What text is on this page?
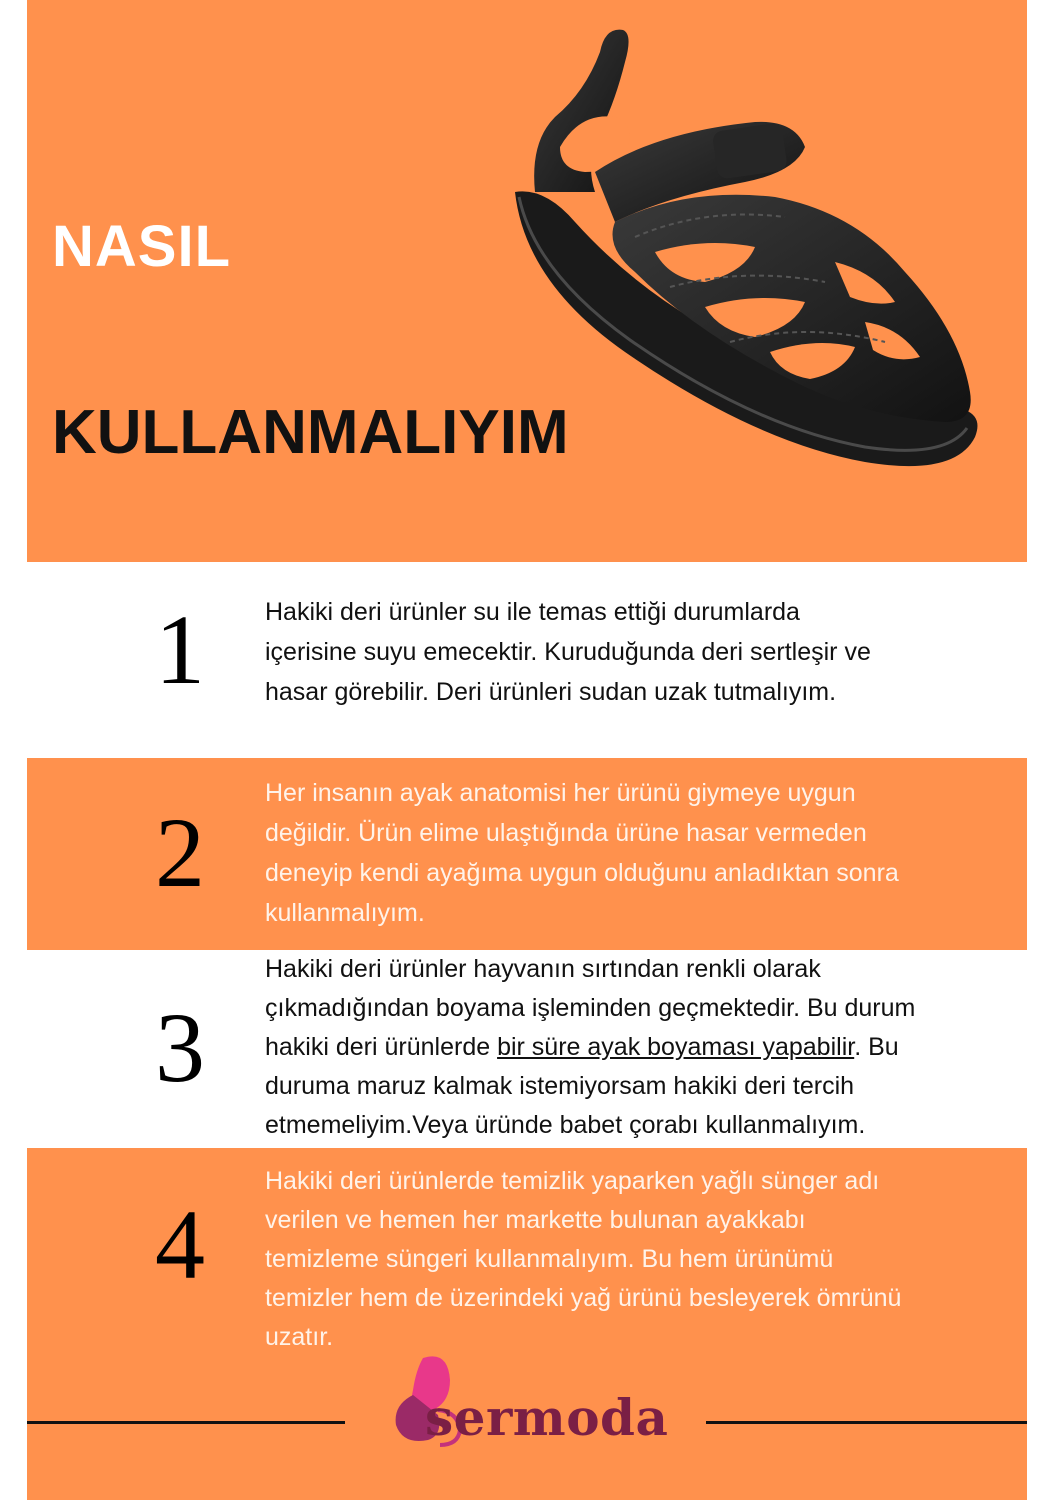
NASIL
KULLANMALIYIM
1	Hakiki deri ürünler su ile temas ettiği durumlarda
içerisine suyu emecektir. Kuruduğunda deri sertleşir ve
hasar görebilir. Deri ürünleri sudan uzak tutmalıyım.

2

Her insanın ayak anatomisi her ürünü giymeye uygun
değildir. Ürün elime ulaştığında ürüne hasar vermeden
deneyip kendi ayağıma uygun olduğunu anladıktan sonra
kullanmalıyım.

3

Hakiki deri ürünler hayvanın sırtından renkli olarak
çıkmadığından boyama işleminden geçmektedir. Bu durum
hakiki deri ürünlerde bir süre ayak boyaması yapabilir. Bu
duruma maruz kalmak istemiyorsam hakiki deri tercih
etmemeliyim.Veya üründe babet çorabı kullanmalıyım.

4

Hakiki deri ürünlerde temizlik yaparken yağlı sünger adı
verilen ve hemen her markette bulunan ayakkabı
temizleme süngeri kullanmalıyım. Bu hem ürünümü
temizler hem de üzerindeki yağ ürünü besleyerek ömrünü
uzatır.

sermoda
